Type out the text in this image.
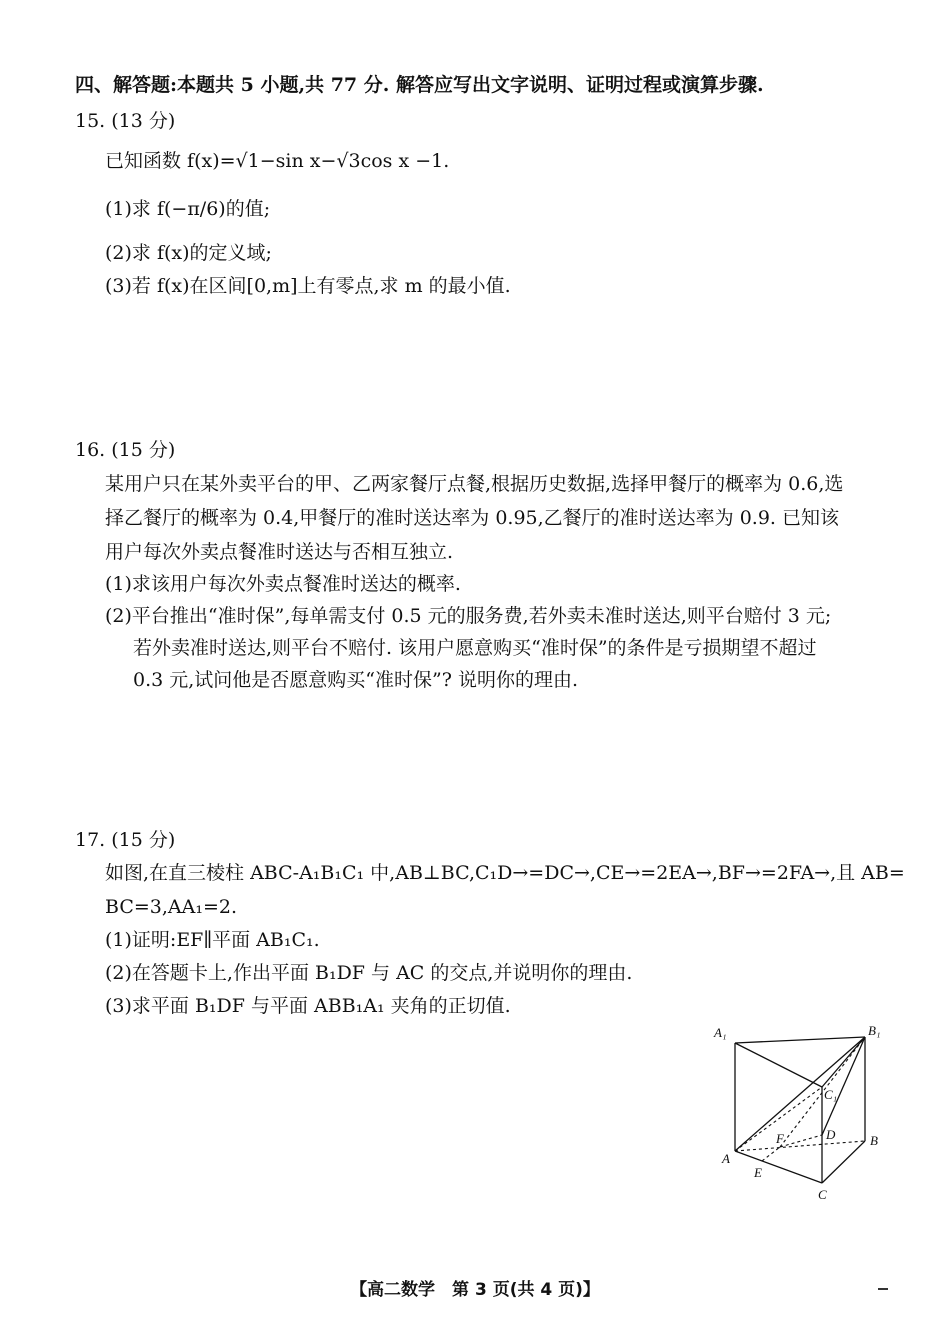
四、解答题:本题共 5 小题,共 77 分. 解答应写出文字说明、证明过程或演算步骤.
15. (13 分)
已知函数 f(x)=√1−sin x−√3cos x −1.
(1)求 f(−π/6)的值;
(2)求 f(x)的定义域;
(3)若 f(x)在区间[0,m]上有零点,求 m 的最小值.
16. (15 分)
某用户只在某外卖平台的甲、乙两家餐厅点餐,根据历史数据,选择甲餐厅的概率为 0.6,选
择乙餐厅的概率为 0.4,甲餐厅的准时送达率为 0.95,乙餐厅的准时送达率为 0.9. 已知该
用户每次外卖点餐准时送达与否相互独立.
(1)求该用户每次外卖点餐准时送达的概率.
(2)平台推出“准时保”,每单需支付 0.5 元的服务费,若外卖未准时送达,则平台赔付 3 元;
若外卖准时送达,则平台不赔付. 该用户愿意购买“准时保”的条件是亏损期望不超过
0.3 元,试问他是否愿意购买“准时保”? 说明你的理由.
17. (15 分)
如图,在直三棱柱 ABC-A₁B₁C₁ 中,AB⊥BC,C₁D→=DC→,CE→=2EA→,BF→=2FA→,且 AB=
BC=3,AA₁=2.
(1)证明:EF∥平面 AB₁C₁.
(2)在答题卡上,作出平面 B₁DF 与 AC 的交点,并说明你的理由.
(3)求平面 B₁DF 与平面 ABB₁A₁ 夹角的正切值.
A₁	B₁
C₁
A
B
C
D
E
F
【高二数学　第 3 页(共 4 页)】
